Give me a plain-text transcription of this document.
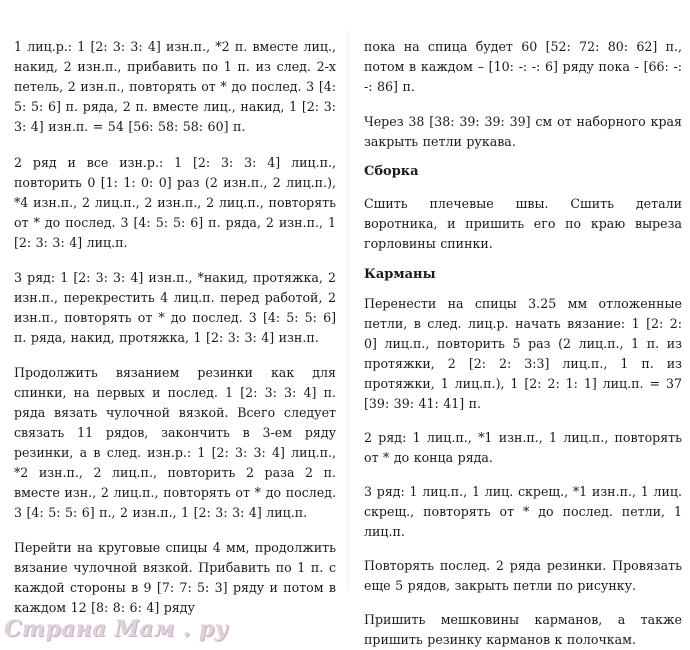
1 лиц.р.: 1 [2: 3: 3: 4] изн.п., *2 п. вместе лиц., накид, 2 изн.п., прибавить по 1 п. из след. 2-х петель, 2 изн.п., повторять от * до послед. 3 [4: 5: 5: 6] п. ряда, 2 п. вместе лиц., накид, 1 [2: 3: 3: 4] изн.п. = 54 [56: 58: 58: 60] п.

2 ряд и все изн.р.: 1 [2: 3: 3: 4] лиц.п., повторить 0 [1: 1: 0: 0] раз (2 изн.п., 2 лиц.п.), *4 изн.п., 2 лиц.п., 2 изн.п., 2 лиц.п., повторять от * до послед. 3 [4: 5: 5: 6] п. ряда, 2 изн.п., 1 [2: 3: 3: 4] лиц.п.

3 ряд: 1 [2: 3: 3: 4] изн.п., *накид, протяжка, 2 изн.п., перекрестить 4 лиц.п. перед работой, 2 изн.п., повторять от * до послед. 3 [4: 5: 5: 6] п. ряда, накид, протяжка, 1 [2: 3: 3: 4] изн.п.

Продолжить вязанием резинки как для спинки, на первых и послед. 1 [2: 3: 3: 4] п. ряда вязать чулочной вязкой. Всего следует связать 11 рядов, закончить в 3-ем ряду резинки, а в след. изн.р.: 1 [2: 3: 3: 4] лиц.п., *2 изн.п., 2 лиц.п., повторить 2 раза 2 п. вместе изн., 2 лиц.п., повторять от * до послед. 3 [4: 5: 5: 6] п., 2 изн.п., 1 [2: 3: 3: 4] лиц.п.

Перейти на круговые спицы 4 мм, продолжить вязание чулочной вязкой. Прибавить по 1 п. с каждой стороны в 9 [7: 7: 5: 3] ряду и потом в каждом 12 [8: 8: 6: 4] ряду

пока на спица будет 60 [52: 72: 80: 62] п., потом в каждом – [10: -: -: 6] ряду пока - [66: -: -: 86] п.

Через 38 [38: 39: 39: 39] см от наборного края закрыть петли рукава.

Сборка

Сшить плечевые швы. Сшить детали воротника, и пришить его по краю выреза горловины спинки.

Карманы

Перенести на спицы 3.25 мм отложенные петли, в след. лиц.р. начать вязание: 1 [2: 2: 0] лиц.п., повторить 5 раз (2 лиц.п., 1 п. из протяжки, 2 [2: 2: 3:3] лиц.п., 1 п. из протяжки, 1 лиц.п.), 1 [2: 2: 1: 1] лиц.п. = 37 [39: 39: 41: 41] п.

2 ряд: 1 лиц.п., *1 изн.п., 1 лиц.п., повторять от * до конца ряда.

3 ряд: 1 лиц.п., 1 лиц. скрещ., *1 изн.п., 1 лиц. скрещ., повторять от * до послед. петли, 1 лиц.п.

Повторять послед. 2 ряда резинки. Провязать еще 5 рядов, закрыть петли по рисунку.

Пришить мешковины карманов, а также пришить резинку карманов к полочкам.

Страна Мам . ру
